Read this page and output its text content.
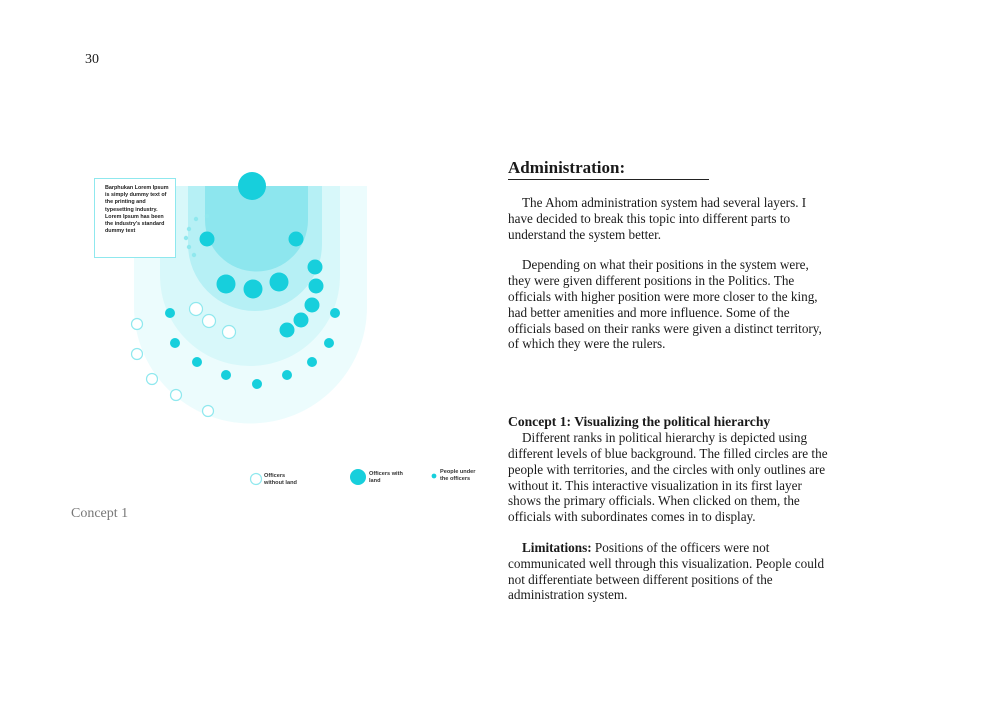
30
Barphukan Lorem Ipsum is simply dummy text of the printing and typesetting industry. Lorem Ipsum has been the industry's standard dummy text
Officers
without land
Officers with
land
People under
the officers
Concept 1
Administration:

The Ahom administration system had several layers. I have decided to break this topic into different parts to understand the system better.

Depending on what their positions in the system were, they were given different positions in the Politics. The officials with higher position were more closer to the king, had better amenities and more influence. Some of the officials based on their ranks were given a distinct territory, of which they were the rulers.

Concept 1: Visualizing the political hierarchy

Different ranks in political hierarchy is depicted using different levels of blue background. The filled circles are the people with territories, and the circles with only outlines are without it. This interactive visualization in its first layer shows the primary officials. When clicked on them, the officials with subordinates comes in to display.

Limitations: Positions of the officers were not communicated well through this visualization. People could not differentiate between different positions of the administration system.
